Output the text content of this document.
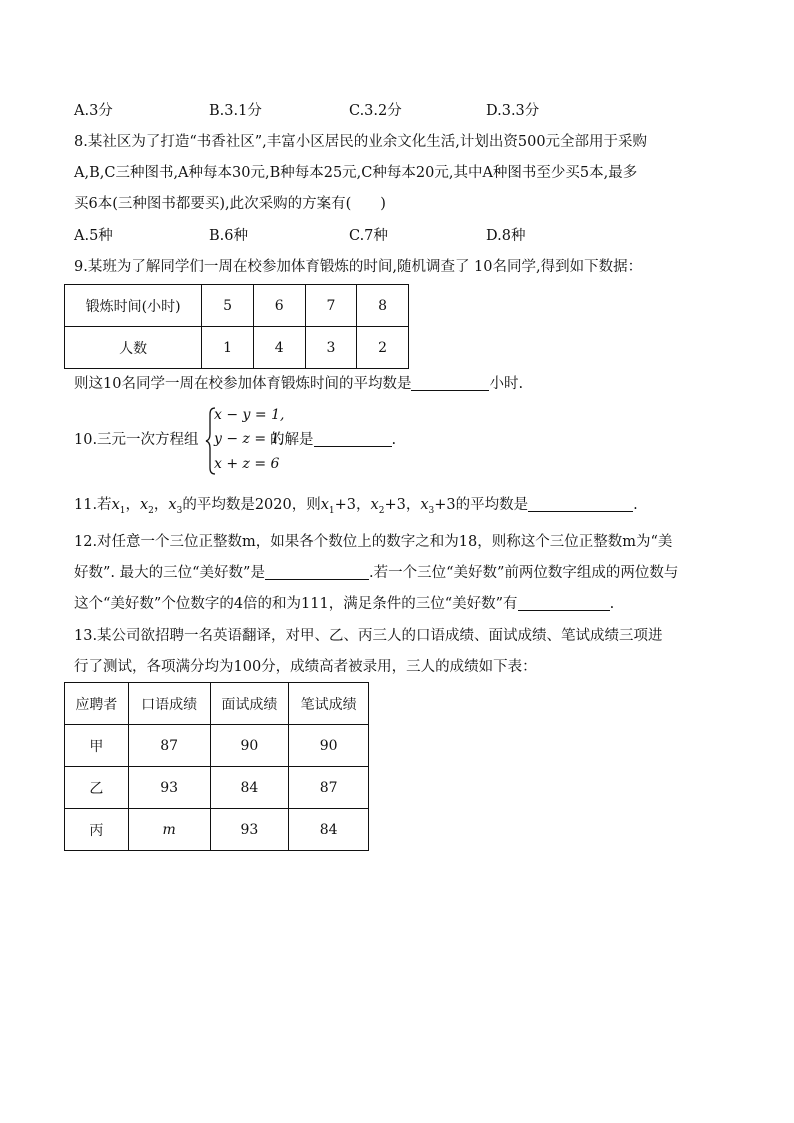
A.3分	B.3.1分	C.3.2分	D.3.3分
8.某社区为了打造“书香社区”,丰富小区居民的业余文化生活,计划出资500元全部用于采购
A,B,C三种图书,A种每本30元,B种每本25元,C种每本20元,其中A种图书至少买5本,最多
买6本(三种图书都要买),此次采购的方案有(　　)
A.5种	B.6种	C.7种	D.8种
9.某班为了解同学们一周在校参加体育锻炼的时间,随机调查了 10名同学,得到如下数据：
锻炼时间(小时)	5	6	7	8
人数	1	4	3	2
则这10名同学一周在校参加体育锻炼时间的平均数是	小时.
10.三元一次方程组
x − y = 1,
y − z = 1,
x + z = 6
的解是	.
11.若$x_1$，$x_2$，$x_3$的平均数是2020，则$x_1+3$，$x_2+3$，$x_3+3$的平均数是	.
12.对任意一个三位正整数m，如果各个数位上的数字之和为18，则称这个三位正整数m为“美
好数”. 最大的三位“美好数”是	.若一个三位“美好数”前两位数字组成的两位数与
这个“美好数”个位数字的4倍的和为111，满足条件的三位“美好数”有	.
13.某公司欲招聘一名英语翻译，对甲、乙、丙三人的口语成绩、面试成绩、笔试成绩三项进
行了测试，各项满分均为100分，成绩高者被录用，三人的成绩如下表：
应聘者	口语成绩	面试成绩	笔试成绩
甲	87	90	90
乙	93	84	87
丙	m	93	84
